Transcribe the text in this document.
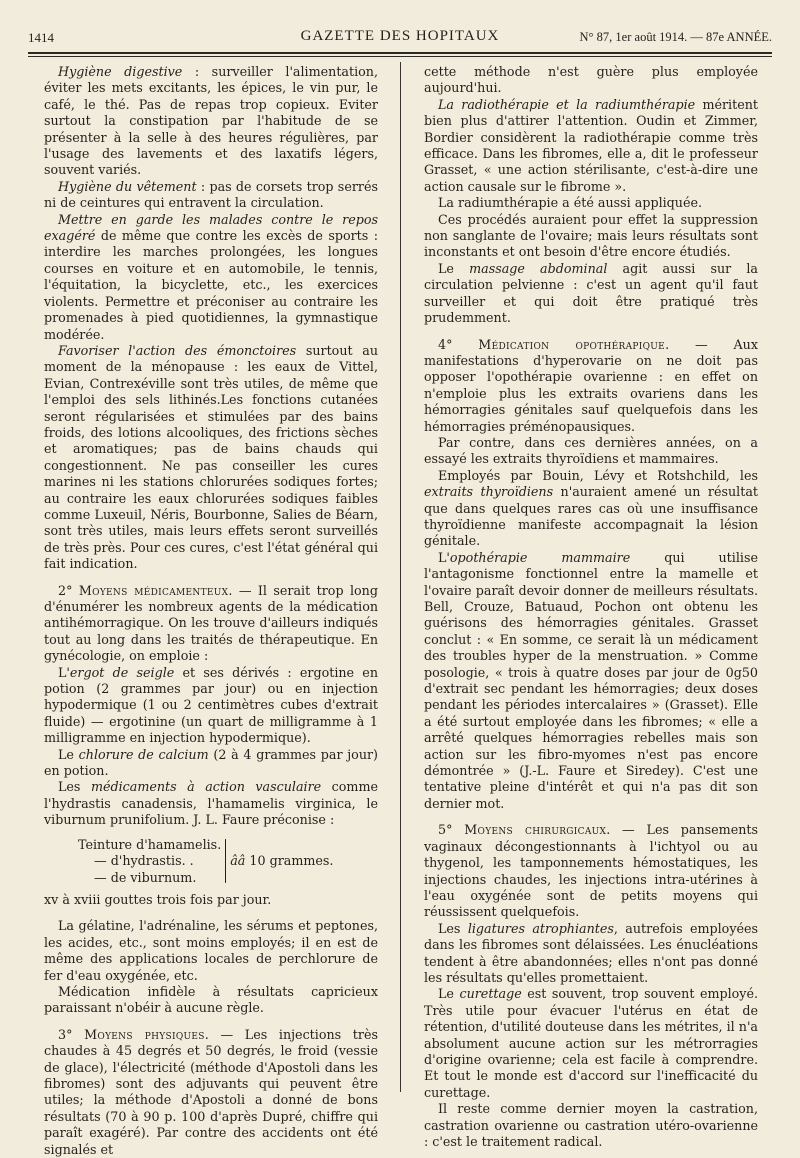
1414	GAZETTE DES HOPITAUX	N° 87, 1er août 1914. — 87e ANNÉE.

Hygiène digestive : surveiller l'alimentation, éviter les mets excitants, les épices, le vin pur, le café, le thé. Pas de repas trop copieux. Eviter surtout la constipation par l'habitude de se présenter à la selle à des heures régulières, par l'usage des lavements et des laxatifs légers, souvent variés.

Hygiène du vêtement : pas de corsets trop serrés ni de ceintures qui entravent la circulation.

Mettre en garde les malades contre le repos exagéré de même que contre les excès de sports : interdire les marches prolongées, les longues courses en voiture et en automobile, le tennis, l'équitation, la bicyclette, etc., les exercices violents. Permettre et préconiser au contraire les promenades à pied quotidiennes, la gymnastique modérée.

Favoriser l'action des émonctoires surtout au moment de la ménopause : les eaux de Vittel, Evian, Contrexéville sont très utiles, de même que l'emploi des sels lithinés.Les fonctions cutanées seront régularisées et stimulées par des bains froids, des lotions alcooliques, des frictions sèches et aromatiques; pas de bains chauds qui congestionnent. Ne pas conseiller les cures marines ni les stations chlorurées sodiques fortes; au contraire les eaux chlorurées sodiques faibles comme Luxeuil, Néris, Bourbonne, Salies de Béarn, sont très utiles, mais leurs effets seront surveillés de très près. Pour ces cures, c'est l'état général qui fait indication.

2° Moyens médicamenteux. — Il serait trop long d'énumérer les nombreux agents de la médication antihémorragique. On les trouve d'ailleurs indiqués tout au long dans les traités de thérapeutique. En gynécologie, on emploie :

L'ergot de seigle et ses dérivés : ergotine en potion (2 grammes par jour) ou en injection hypodermique (1 ou 2 centimètres cubes d'extrait fluide) — ergotinine (un quart de milligramme à 1 milligramme en injection hypodermique).

Le chlorure de calcium (2 à 4 grammes par jour) en potion.

Les médicaments à action vasculaire comme l'hydrastis canadensis, l'hamamelis virginica, le viburnum prunifolium. J. L. Faure préconise :

Teinture d'hamamelis.
— d'hydrastis. .
— de viburnum.
ââ 10 grammes.

xv à xviii gouttes trois fois par jour.

La gélatine, l'adrénaline, les sérums et peptones, les acides, etc., sont moins employés; il en est de même des applications locales de perchlorure de fer d'eau oxygénée, etc.

Médication infidèle à résultats capricieux paraissant n'obéir à aucune règle.

3° Moyens physiques. — Les injections très chaudes à 45 degrés et 50 degrés, le froid (vessie de glace), l'électricité (méthode d'Apostoli dans les fibromes) sont des adjuvants qui peuvent être utiles; la méthode d'Apostoli a donné de bons résultats (70 à 90 p. 100 d'après Dupré, chiffre qui paraît exagéré). Par contre des accidents ont été signalés et

cette méthode n'est guère plus employée aujourd'hui.

La radiothérapie et la radiumthérapie méritent bien plus d'attirer l'attention. Oudin et Zimmer, Bordier considèrent la radiothérapie comme très efficace. Dans les fibromes, elle a, dit le professeur Grasset, « une action stérilisante, c'est-à-dire une action causale sur le fibrome ».

La radiumthérapie a été aussi appliquée.

Ces procédés auraient pour effet la suppression non sanglante de l'ovaire; mais leurs résultats sont inconstants et ont besoin d'être encore étudiés.

Le massage abdominal agit aussi sur la circulation pelvienne : c'est un agent qu'il faut surveiller et qui doit être pratiqué très prudemment.

4° Médication opothérapique. — Aux manifestations d'hyperovarie on ne doit pas opposer l'opothérapie ovarienne : en effet on n'emploie plus les extraits ovariens dans les hémorragies génitales sauf quelquefois dans les hémorragies préménopausiques.

Par contre, dans ces dernières années, on a essayé les extraits thyroïdiens et mammaires.

Employés par Bouin, Lévy et Rotshchild, les extraits thyroïdiens n'auraient amené un résultat que dans quelques rares cas où une insuffisance thyroïdienne manifeste accompagnait la lésion génitale.

L'opothérapie mammaire qui utilise l'antagonisme fonctionnel entre la mamelle et l'ovaire paraît devoir donner de meilleurs résultats. Bell, Crouze, Batuaud, Pochon ont obtenu les guérisons des hémorragies génitales. Grasset conclut : « En somme, ce serait là un médicament des troubles hyper de la menstruation. » Comme posologie, « trois à quatre doses par jour de 0g50 d'extrait sec pendant les hémorragies; deux doses pendant les périodes intercalaires » (Grasset). Elle a été surtout employée dans les fibromes; « elle a arrêté quelques hémorragies rebelles mais son action sur les fibro-myomes n'est pas encore démontrée » (J.-L. Faure et Siredey). C'est une tentative pleine d'intérêt et qui n'a pas dit son dernier mot.

5° Moyens chirurgicaux. — Les pansements vaginaux décongestionnants à l'ichtyol ou au thygenol, les tamponnements hémostatiques, les injections chaudes, les injections intra-utérines à l'eau oxygénée sont de petits moyens qui réussissent quelquefois.

Les ligatures atrophiantes, autrefois employées dans les fibromes sont délaissées. Les énucléations tendent à être abandonnées; elles n'ont pas donné les résultats qu'elles promettaient.

Le curettage est souvent, trop souvent employé. Très utile pour évacuer l'utérus en état de rétention, d'utilité douteuse dans les métrites, il n'a absolument aucune action sur les métrorragies d'origine ovarienne; cela est facile à comprendre. Et tout le monde est d'accord sur l'inefficacité du curettage.

Il reste comme dernier moyen la castration, castration ovarienne ou castration utéro-ovarienne : c'est le traitement radical.
